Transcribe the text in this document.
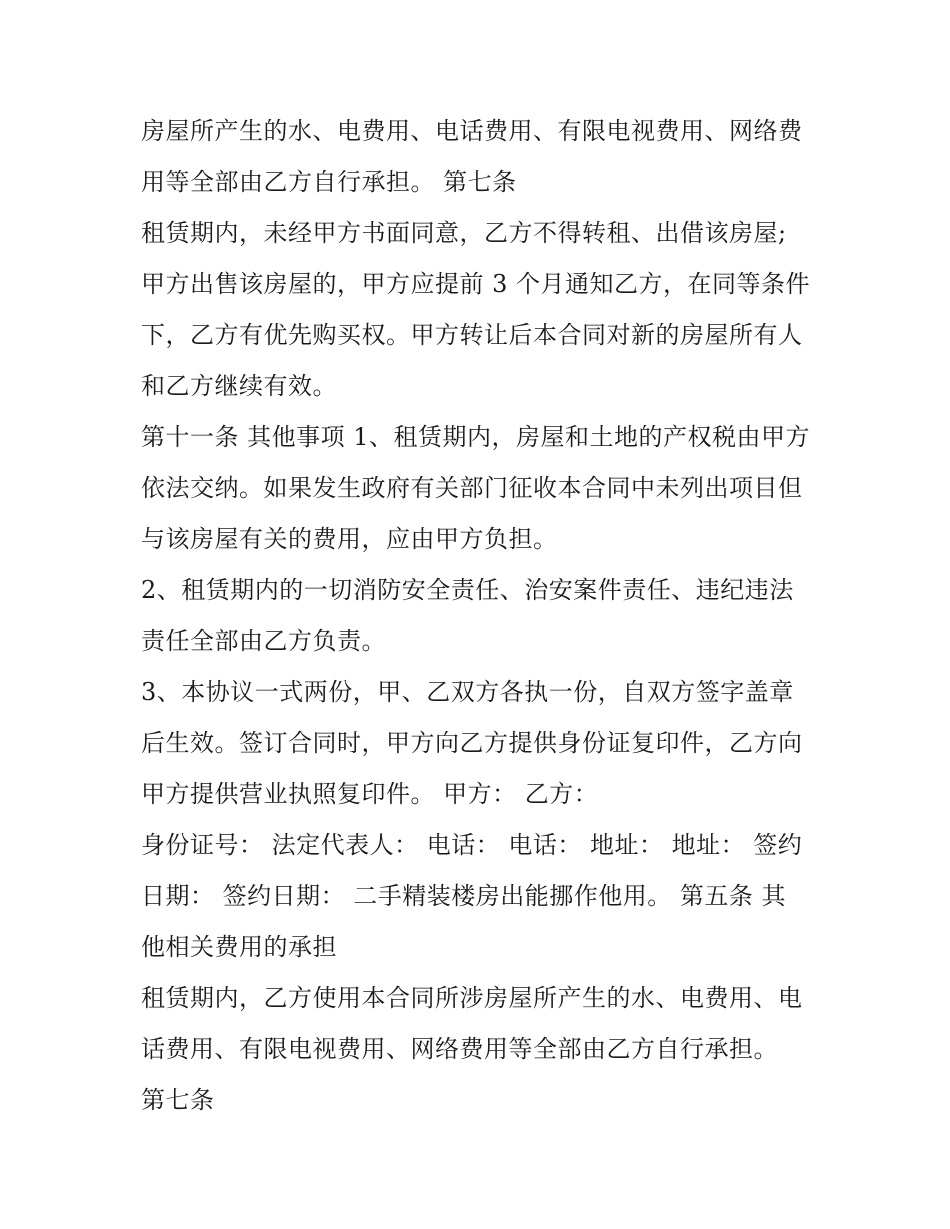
房屋所产生的水、电费用、电话费用、有限电视费用、网络费
用等全部由乙方自行承担。 第七条
租赁期内，未经甲方书面同意，乙方不得转租、出借该房屋;
甲方出售该房屋的，甲方应提前 3 个月通知乙方，在同等条件
下，乙方有优先购买权。甲方转让后本合同对新的房屋所有人
和乙方继续有效。
第十一条 其他事项 1、租赁期内，房屋和土地的产权税由甲方
依法交纳。如果发生政府有关部门征收本合同中未列出项目但
与该房屋有关的费用，应由甲方负担。
2、租赁期内的一切消防安全责任、治安案件责任、违纪违法
责任全部由乙方负责。
3、本协议一式两份，甲、乙双方各执一份，自双方签字盖章
后生效。签订合同时，甲方向乙方提供身份证复印件，乙方向
甲方提供营业执照复印件。 甲方： 乙方：
身份证号： 法定代表人： 电话： 电话： 地址： 地址： 签约
日期： 签约日期： 二手精装楼房出能挪作他用。 第五条 其
他相关费用的承担
租赁期内，乙方使用本合同所涉房屋所产生的水、电费用、电
话费用、有限电视费用、网络费用等全部由乙方自行承担。
第七条
